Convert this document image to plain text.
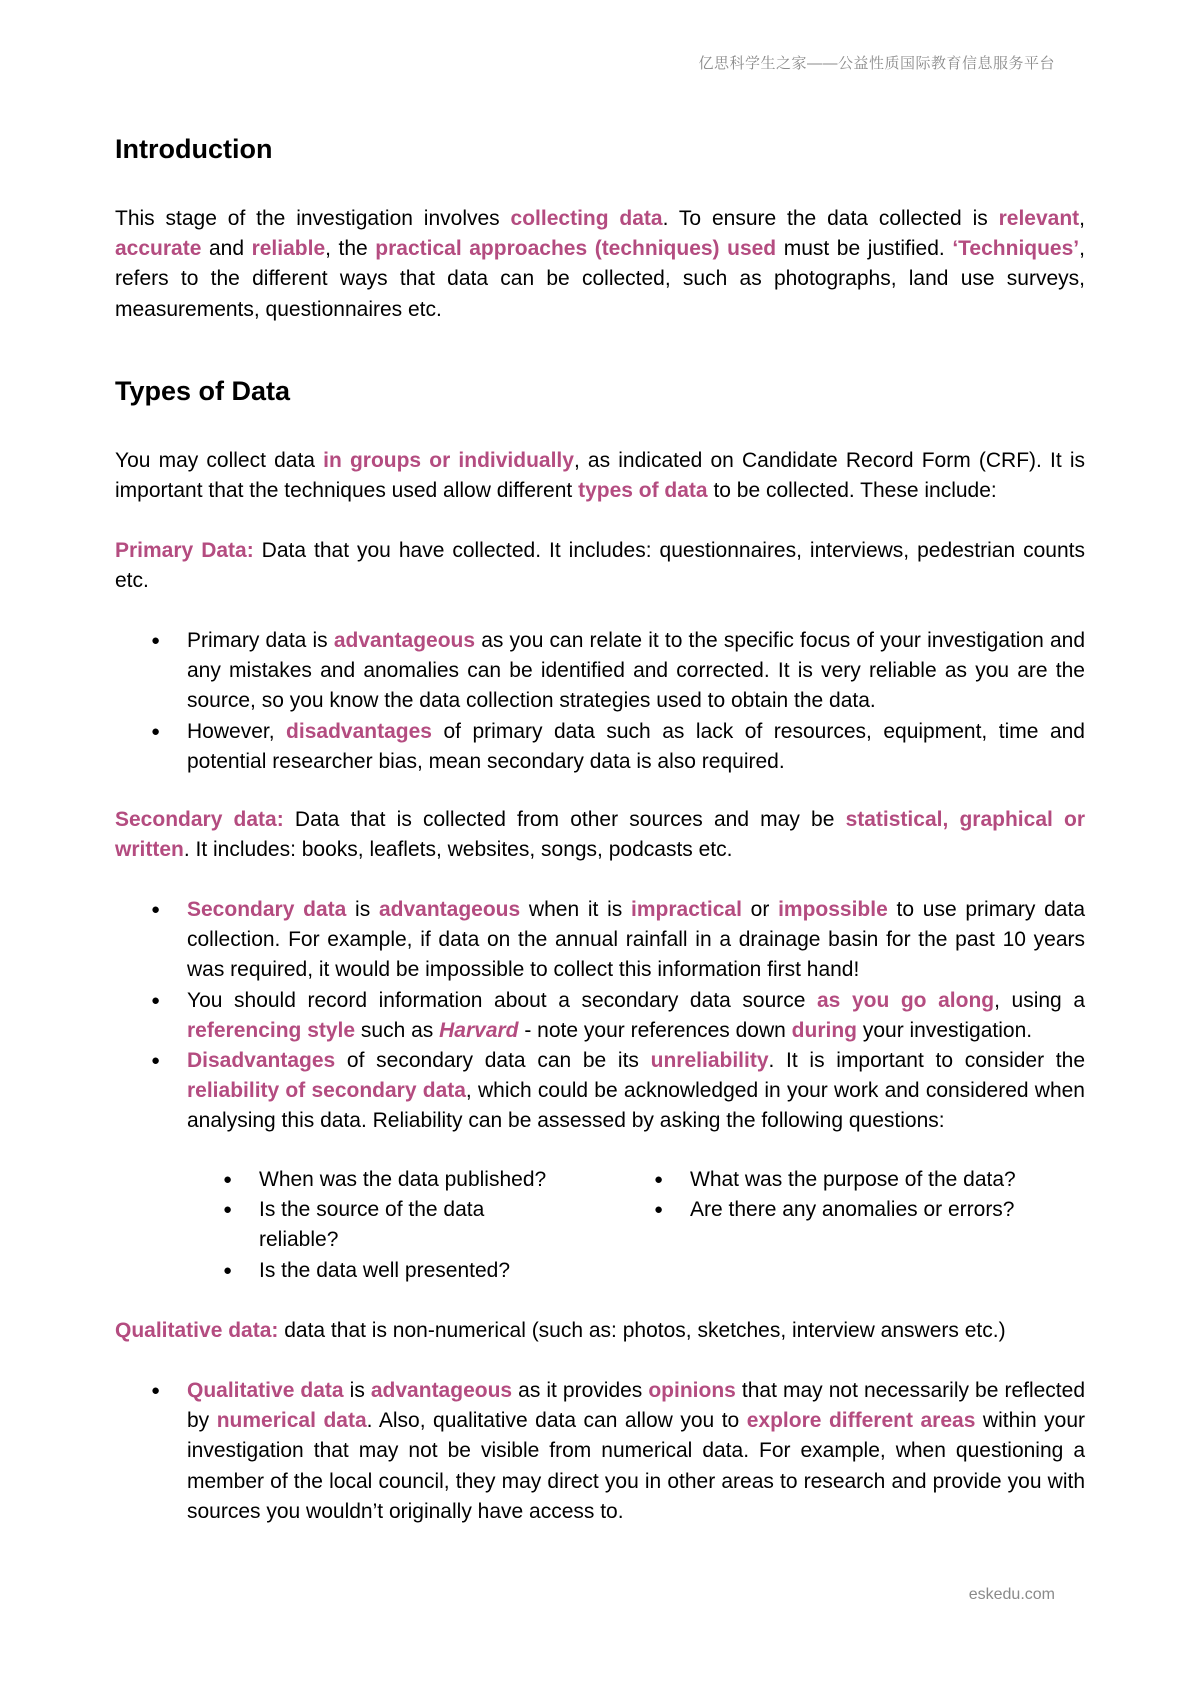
亿思科学生之家——公益性质国际教育信息服务平台
Introduction

This stage of the investigation involves collecting data. To ensure the data collected is relevant, accurate and reliable, the practical approaches (techniques) used must be justified. ‘Techniques’, refers to the different ways that data can be collected, such as photographs, land use surveys, measurements, questionnaires etc.

Types of Data

You may collect data in groups or individually, as indicated on Candidate Record Form (CRF). It is important that the techniques used allow different types of data to be collected. These include:

Primary Data: Data that you have collected. It includes: questionnaires, interviews, pedestrian counts etc.

● Primary data is advantageous as you can relate it to the specific focus of your investigation and any mistakes and anomalies can be identified and corrected. It is very reliable as you are the source, so you know the data collection strategies used to obtain the data.
● However, disadvantages of primary data such as lack of resources, equipment, time and potential researcher bias, mean secondary data is also required.

Secondary data: Data that is collected from other sources and may be statistical, graphical or written. It includes: books, leaflets, websites, songs, podcasts etc.

● Secondary data is advantageous when it is impractical or impossible to use primary data collection. For example, if data on the annual rainfall in a drainage basin for the past 10 years was required, it would be impossible to collect this information first hand!
● You should record information about a secondary data source as you go along, using a referencing style such as Harvard - note your references down during your investigation.
● Disadvantages of secondary data can be its unreliability. It is important to consider the reliability of secondary data, which could be acknowledged in your work and considered when analysing this data. Reliability can be assessed by asking the following questions:
● When was the data published?
● Is the source of the data reliable?
● Is the data well presented?
● What was the purpose of the data?
● Are there any anomalies or errors?

Qualitative data: data that is non-numerical (such as: photos, sketches, interview answers etc.)

● Qualitative data is advantageous as it provides opinions that may not necessarily be reflected by numerical data. Also, qualitative data can allow you to explore different areas within your investigation that may not be visible from numerical data. For example, when questioning a member of the local council, they may direct you in other areas to research and provide you with sources you wouldn’t originally have access to.
eskedu.com
